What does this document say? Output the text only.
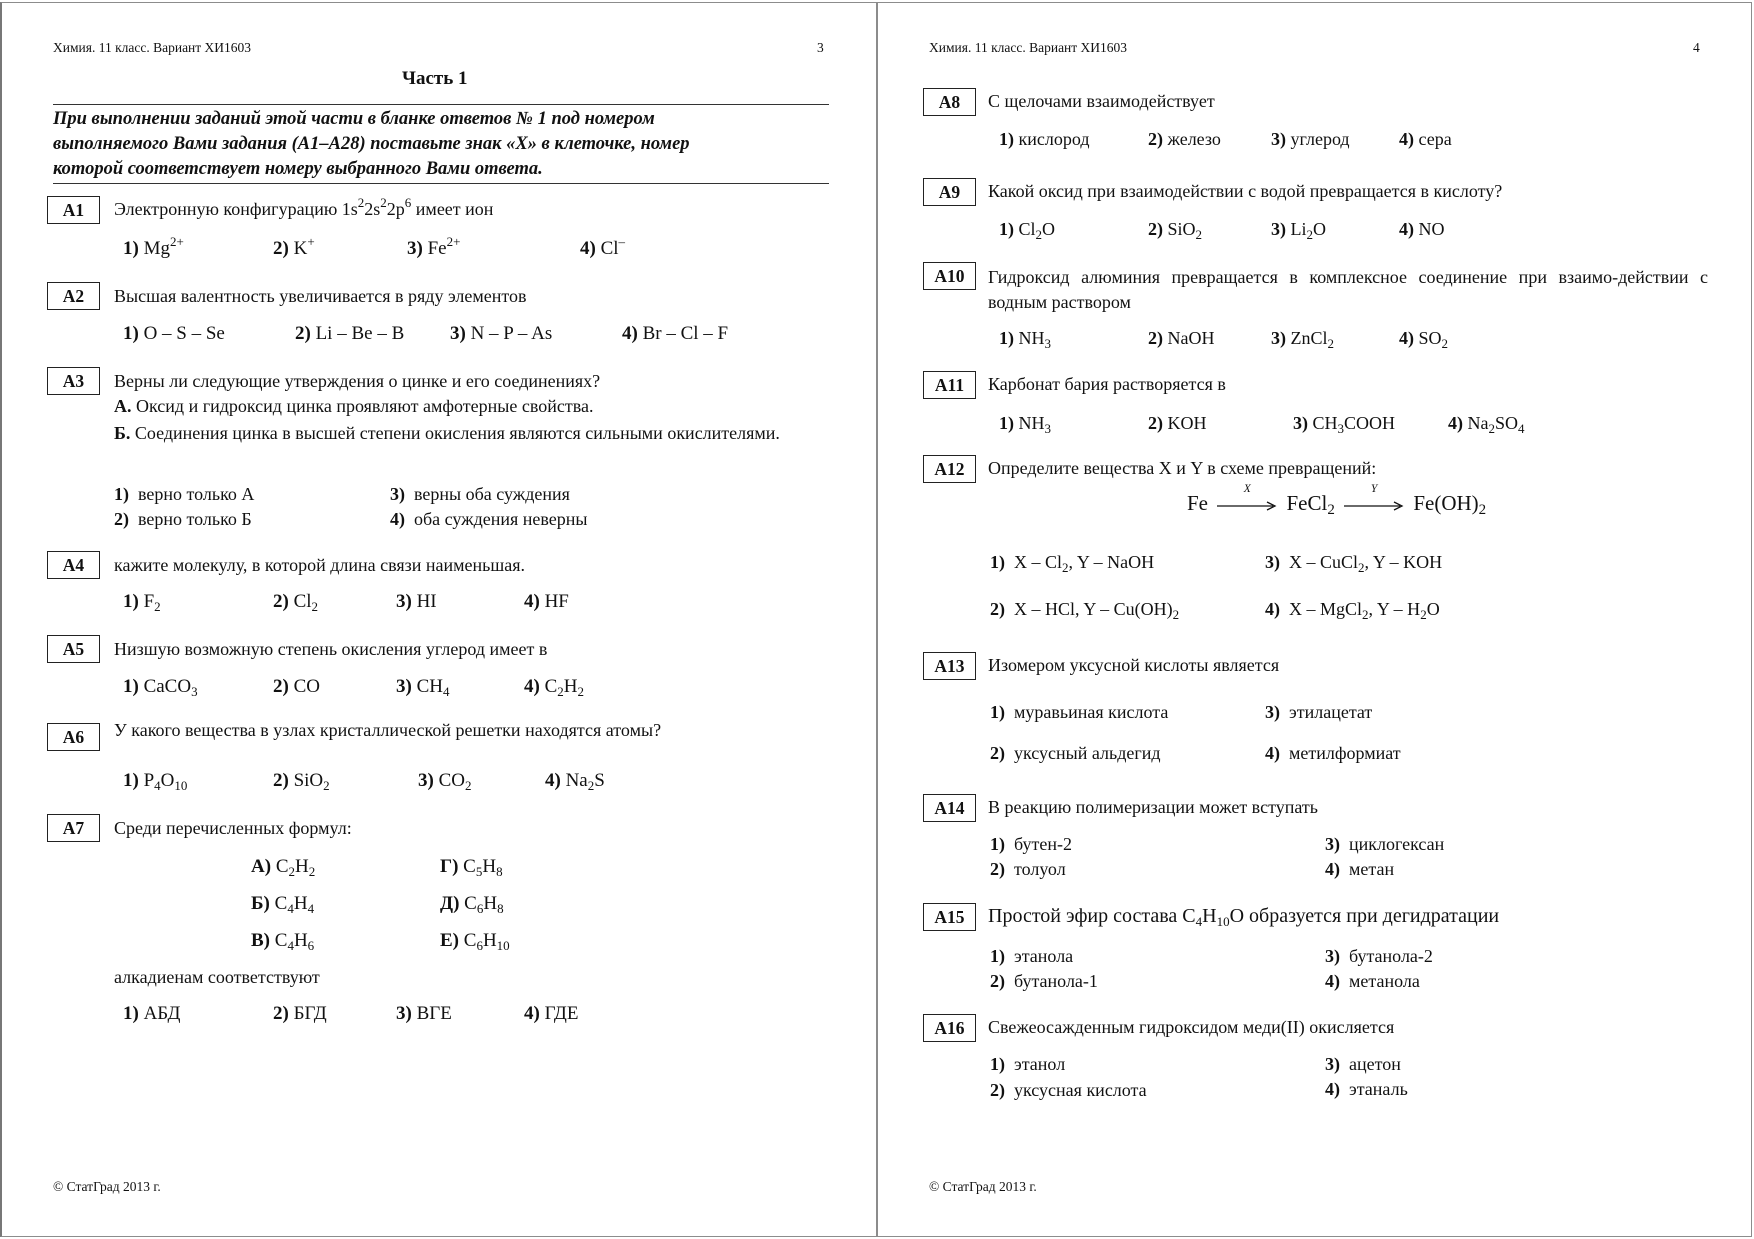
Химия. 11 класс. Вариант ХИ1603	3
Часть 1
При выполнении заданий этой части в бланке ответов № 1 под номером
выполняемого Вами задания (А1–А28) поставьте знак «Х» в клеточке, номер
которой соответствует номеру выбранного Вами ответа.
А1	Электронную конфигурацию $1s^22s^22p^6$ имеет ион
1) $Mg^{2+}$	2) K+	3) $Fe^{2+}$	4) Cl–
А2	Высшая валентность увеличивается в ряду элементов
1) O – S – Se	2) Li – Be – B 3) N – P – As	4) Br – Cl – F
А3	Верны ли следующие утверждения о цинке и его соединениях?
А. Оксид и гидроксид цинка проявляют амфотерные свойства.
Б. Соединения цинка в высшей степени окисления являются сильными окислителями.
1) верно только А
2) верно только Б
3) верны оба суждения
4) оба суждения неверны
А4	кажите молекулу, в которой длина связи наименьшая.
1) $F_2$	2) $Cl_2$	3) HI	4) HF
А5	Низшую возможную степень окисления углерод имеет в
1) CaCO$_3$	2) CO	3) $CH_4$	4) $C_2H_2$
А6	У какого вещества в узлах кристаллической решетки находятся атомы?
1) $P_4O_{10}$	2) SiO$_2$	3) $CO_2$	4) $Na_2S$
А7	Среди перечисленных формул:
А) $C_2H_2$	Г) $C_5H_8$
Б) $C_4H_4$	Д) $C_6H_8$
В) $C_4H_6$	Е) $C_6H_{10}$
алкадиенам соответствуют
1) АБД	2) БГД	3) ВГЕ	4) ГДЕ
© СтатГрад 2013 г.
Химия. 11 класс. Вариант ХИ1603	4
А8	С щелочами взаимодействует
1) кислород	2) железо	3) углерод	4) сера
А9	Какой оксид при взаимодействии с водой превращается в кислоту?
1) $Cl_2O$	2) SiO$_2$	3) $Li_2O$	4) NO
А10	Гидроксид алюминия превращается в комплексное соединение при взаимо-действии с водным раствором
1) $NH_3$	2) NaOH	3) ZnCl$_2$	4) $SO_2$
А11	Карбонат бария растворяется в
1) $NH_3$	2) KOH	3) $CH_3COOH$	4) $Na_2SO_4$
А12	Определите вещества X и Y в схеме превращений:
Fe
X
FeCl$_2$
Y
$Fe(OH)_2$
1) X – $Cl_2$, Y – NaOH
2) X – HCl, Y – $Cu(OH)_2$
3) X – CuCl$_2$, Y – KOH
4) X – MgCl$_2$, Y – $H_2O$
А13	Изомером уксусной кислоты является
1) муравьиная кислота
2) уксусный альдегид
3) этилацетат
4) метилформиат
А14	В реакцию полимеризации может вступать
1) бутен-2
2) толуол
3) циклогексан
4) метан
А15	Простой эфир состава $C_4H_{10}O$ образуется при дегидратации
1) этанола
2) бутанола-1
3) бутанола-2
4) метанола
А16	Свежеосажденным гидроксидом меди(II) окисляется
1) этанол
2) уксусная кислота
3) ацетон
4) этаналь
© СтатГрад 2013 г.
